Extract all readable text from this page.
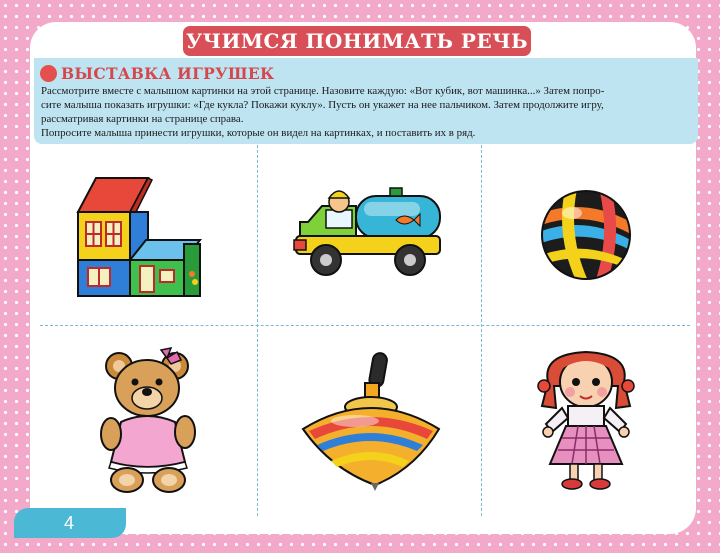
УЧИМСЯ ПОНИМАТЬ РЕЧЬ
ВЫСТАВКА ИГРУШЕК

Рассмотрите вместе с малышом картинки на этой странице. Назовите каждую: «Вот кубик, вот машинка...» Затем попро-

сите малыша показать игрушки: «Где кукла? Покажи куклу». Пусть он укажет на нее пальчиком. Затем продолжите игру,

рассматривая картинки на странице справа.

Попросите малыша принести игрушки, которые он видел на картинках, и поставить их в ряд.

4
